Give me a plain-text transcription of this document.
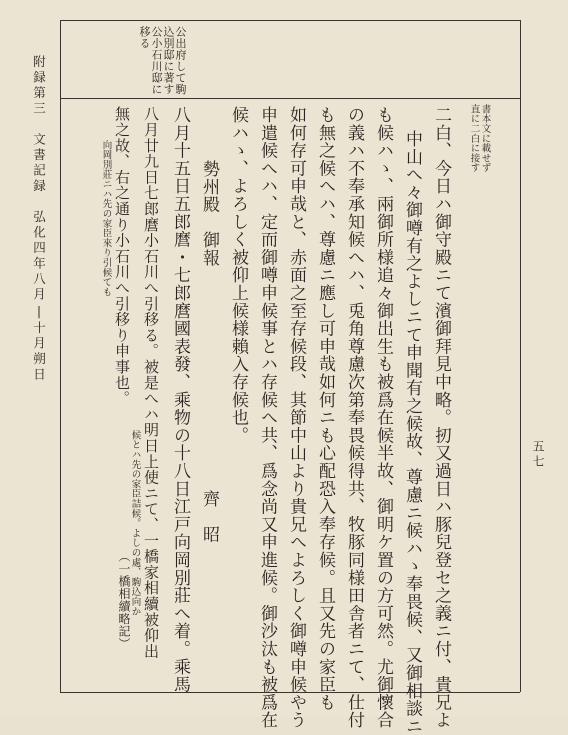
公出府して駒
込別邸に著す
公小石川邸に
移る
書本文に載せず
直に二白に接す
二白、今日ハ御守殿ニて濱御拜見中略。扨又過日ハ豚兒登セ之義ニ付、貴兄よ
中山へ々御噂有之よしニて申聞有之候故、尊慮ニ候ハゝ奉畏候、又御相談ニ
も候ハゝ、兩御所様追々御出生も被爲在候半故、御明ケ置の方可然。尤御懷合
の義ハ不奉承知候へハ、兎角尊慮次第奉畏候得共、牧豚同様田舎者ニて、仕付
も無之候へハ、尊慮ニ應し可申哉如何ニも心配恐入奉存候。且又先の家臣も
如何存可申哉と、赤面之至存候段、其節中山より貴兄へよろしく御噂申候やう
申遣候へハ、定而御噂申候事とハ存候へ共、爲念尚又申進候。御沙汰も被爲在
候ハゝ、よろしく被仰上候様賴入存候也。
勢州殿　御報
齊　昭
八月十五日五郎麿・七郎麿國表發、乘物の十八日江戸向岡別莊へ着。乘馬
八月廿九日七郎麿小石川へ引移る。被是へハ明日上使ニて、一橋家相續被仰出
候とハ先の家臣詰候。よしの處、駒込向か
無之故、右之通り小石川へ引移り申事也。
向岡別莊ニハ先の家臣來り引候ても
（一橋相續略記）
附録第三　文書記録　弘化四年八月|十月朔日
五七
